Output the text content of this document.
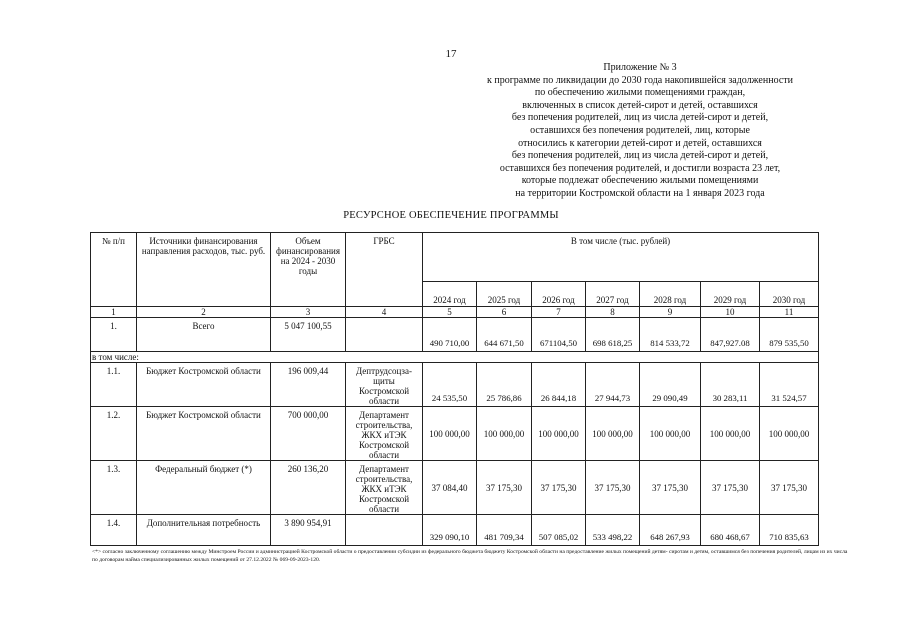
17
Приложение № 3
к программе по ликвидации до 2030 года накопившейся задолженности
по обеспечению жилыми помещениями граждан,
включенных в список детей-сирот и детей, оставшихся
без попечения родителей, лиц из числа детей-сирот и детей,
оставшихся без попечения родителей, лиц, которые
относились к категории детей-сирот и детей, оставшихся
без попечения родителей, лиц из числа детей-сирот и детей,
оставшихся без попечения родителей, и достигли возраста 23 лет,
которые подлежат обеспечению жилыми помещениями
на территории Костромской области на 1 января 2023 года
РЕСУРСНОЕ ОБЕСПЕЧЕНИЕ ПРОГРАММЫ
№ п/п	Источники финансирования направления расходов, тыс. руб.	Объем финансирования на 2024 - 2030 годы	ГРБС	В том числе (тыс. рублей)						
				2024 год	2025 год	2026 год	2027 год	2028 год	2029 год	2030 год
1	2	3	4	5	6	7	8	9	10	11
1.	Всего	5 047 100,55		490 710,00	644 671,50	671104,50	698 618,25	814 533,72	847,927.08	879 535,50
в том числе:										
1.1.	Бюджет Костромской области	196 009,44	Дептрудсоцза-щиты Костромской области	24 535,50	25 786,86	26 844,18	27 944,73	29 090,49	30 283,11	31 524,57
1.2.	Бюджет Костромской области	700 000,00	Департамент строительства, ЖКХ иТЭК Костромской области	100 000,00	100 000,00	100 000,00	100 000,00	100 000,00	100 000,00	100 000,00
1.3.	Федеральный бюджет (*)	260 136,20	Департамент строительства, ЖКХ иТЭК Костромской области	37 084,40	37 175,30	37 175,30	37 175,30	37 175,30	37 175,30	37 175,30
1.4.	Дополнительная потребность	3 890 954,91		329 090,10	481 709,34	507 085,02	533 498,22	648 267,93	680 468,67	710 835,63
<*> согласно заключенному соглашению между Минстроем России и администрацией Костромской области о предоставлении субсидии из федерального бюджета бюджету Костромской области на предоставление жилых помещений детям- сиротам и детям, оставшимся без попечения родителей, лицам из их числа по договорам найма специализированных жилых помещений от 27.12.2022 № 069-09-2023-120.
